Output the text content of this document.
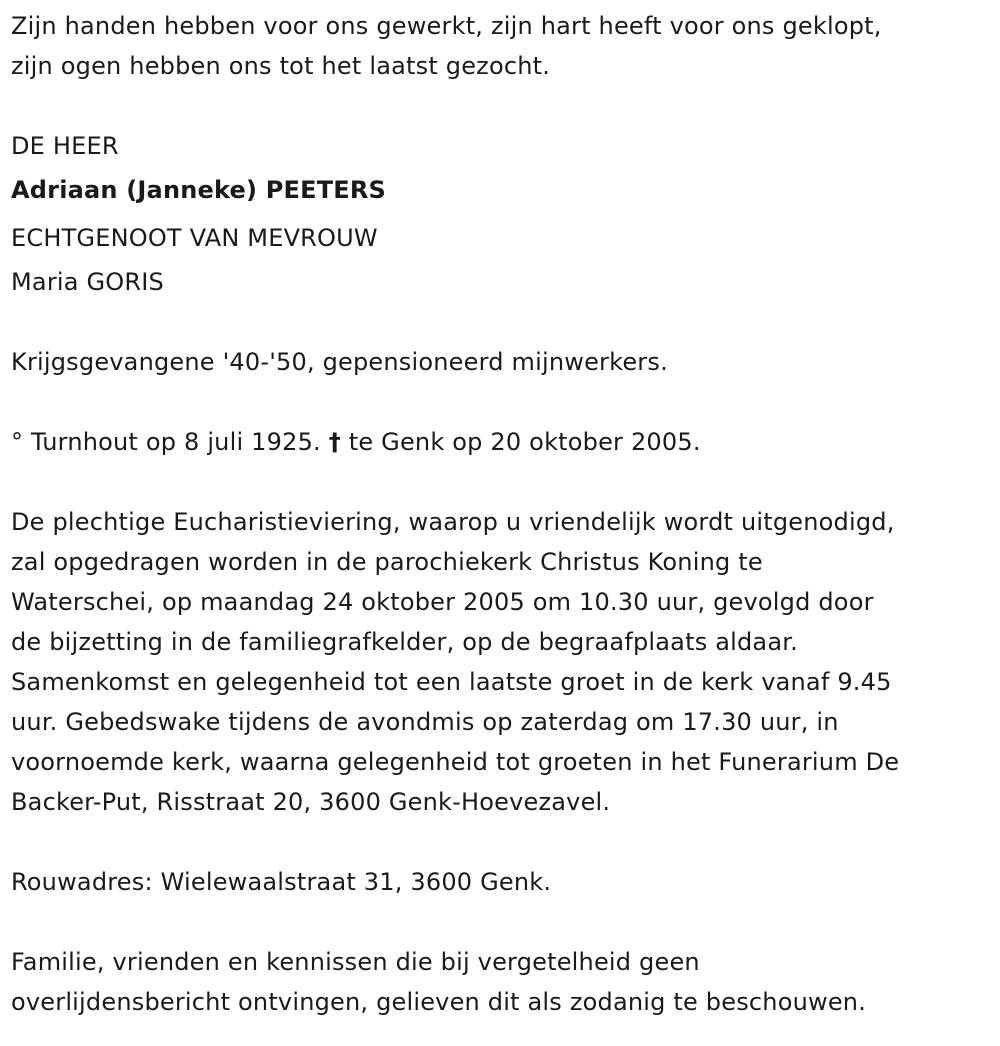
Zijn handen hebben voor ons gewerkt, zijn hart heeft voor ons geklopt,
zijn ogen hebben ons tot het laatst gezocht.
DE HEER
Adriaan (Janneke) PEETERS
ECHTGENOOT VAN MEVROUW
Maria GORIS
Krijgsgevangene '40-'50, gepensioneerd mijnwerkers.
° Turnhout op 8 juli 1925. † te Genk op 20 oktober 2005.
De plechtige Eucharistieviering, waarop u vriendelijk wordt uitgenodigd,
zal opgedragen worden in de parochiekerk Christus Koning te
Waterschei, op maandag 24 oktober 2005 om 10.30 uur, gevolgd door
de bijzetting in de familiegrafkelder, op de begraafplaats aldaar.
Samenkomst en gelegenheid tot een laatste groet in de kerk vanaf 9.45
uur. Gebedswake tijdens de avondmis op zaterdag om 17.30 uur, in
voornoemde kerk, waarna gelegenheid tot groeten in het Funerarium De
Backer-Put, Risstraat 20, 3600 Genk-Hoevezavel.
Rouwadres: Wielewaalstraat 31, 3600 Genk.
Familie, vrienden en kennissen die bij vergetelheid geen
overlijdensbericht ontvingen, gelieven dit als zodanig te beschouwen.
